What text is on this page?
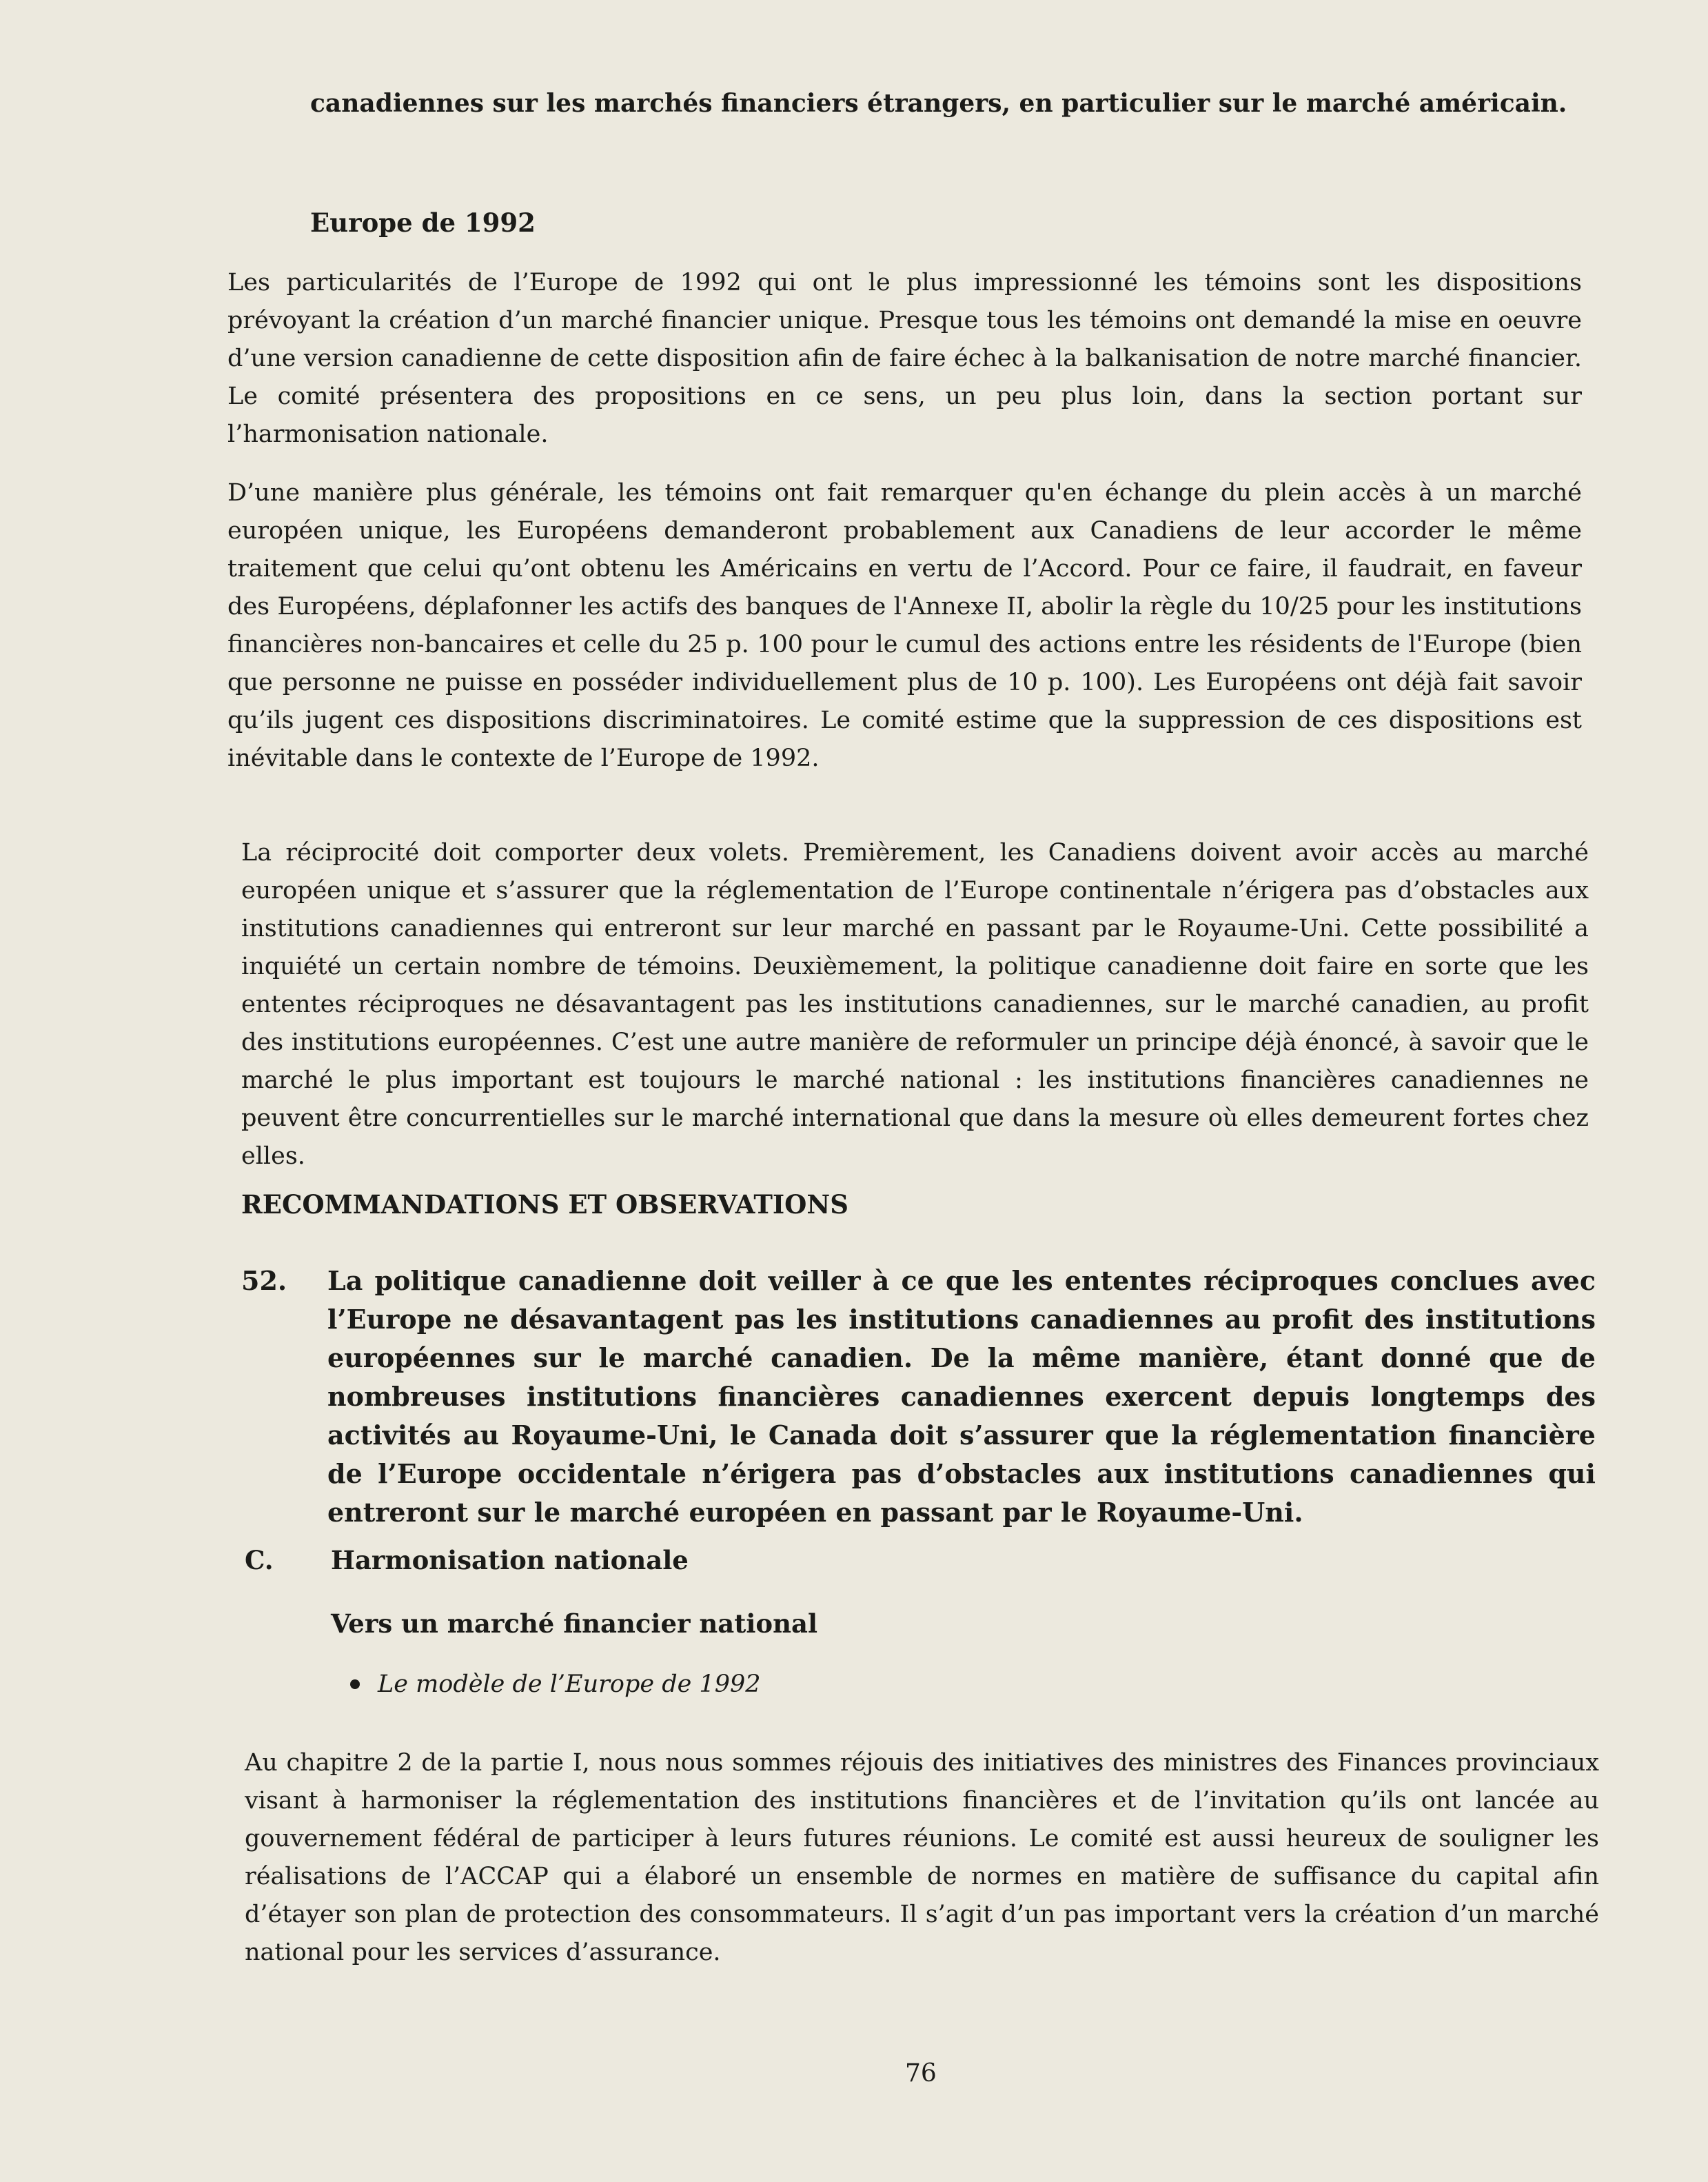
canadiennes sur les marchés financiers étrangers, en particulier sur le marché américain.
Europe de 1992
Les particularités de l’Europe de 1992 qui ont le plus impressionné les témoins sont les dispositions prévoyant la création d’un marché financier unique. Presque tous les témoins ont demandé la mise en oeuvre d’une version canadienne de cette disposition afin de faire échec à la balkanisation de notre marché financier. Le comité présentera des propositions en ce sens, un peu plus loin, dans la section portant sur l’harmonisation nationale.
D’une manière plus générale, les témoins ont fait remarquer qu'en échange du plein accès à un marché européen unique, les Européens demanderont probablement aux Canadiens de leur accorder le même traitement que celui qu’ont obtenu les Américains en vertu de l’Accord. Pour ce faire, il faudrait, en faveur des Européens, déplafonner les actifs des banques de l'Annexe II, abolir la règle du 10/25 pour les institutions financières non-bancaires et celle du 25 p. 100 pour le cumul des actions entre les résidents de l'Europe (bien que personne ne puisse en posséder individuellement plus de 10 p. 100). Les Européens ont déjà fait savoir qu’ils jugent ces dispositions discriminatoires. Le comité estime que la suppression de ces dispositions est inévitable dans le contexte de l’Europe de 1992.
La réciprocité doit comporter deux volets. Premièrement, les Canadiens doivent avoir accès au marché européen unique et s’assurer que la réglementation de l’Europe continentale n’érigera pas d’obstacles aux institutions canadiennes qui entreront sur leur marché en passant par le Royaume-Uni. Cette possibilité a inquiété un certain nombre de témoins. Deuxièmement, la politique canadienne doit faire en sorte que les ententes réciproques ne désavantagent pas les institutions canadiennes, sur le marché canadien, au profit des institutions européennes. C’est une autre manière de reformuler un principe déjà énoncé, à savoir que le marché le plus important est toujours le marché national : les institutions financières canadiennes ne peuvent être concurrentielles sur le marché international que dans la mesure où elles demeurent fortes chez elles.
RECOMMANDATIONS ET OBSERVATIONS
52. La politique canadienne doit veiller à ce que les ententes réciproques conclues avec l’Europe ne désavantagent pas les institutions canadiennes au profit des institutions européennes sur le marché canadien. De la même manière, étant donné que de nombreuses institutions financières canadiennes exercent depuis longtemps des activités au Royaume-Uni, le Canada doit s’assurer que la réglementation financière de l’Europe occidentale n’érigera pas d’obstacles aux institutions canadiennes qui entreront sur le marché européen en passant par le Royaume-Uni.
C. Harmonisation nationale
Vers un marché financier national
Le modèle de l’Europe de 1992
Au chapitre 2 de la partie I, nous nous sommes réjouis des initiatives des ministres des Finances provinciaux visant à harmoniser la réglementation des institutions financières et de l’invitation qu’ils ont lancée au gouvernement fédéral de participer à leurs futures réunions. Le comité est aussi heureux de souligner les réalisations de l’ACCAP qui a élaboré un ensemble de normes en matière de suffisance du capital afin d’étayer son plan de protection des consommateurs. Il s’agit d’un pas important vers la création d’un marché national pour les services d’assurance.
76
